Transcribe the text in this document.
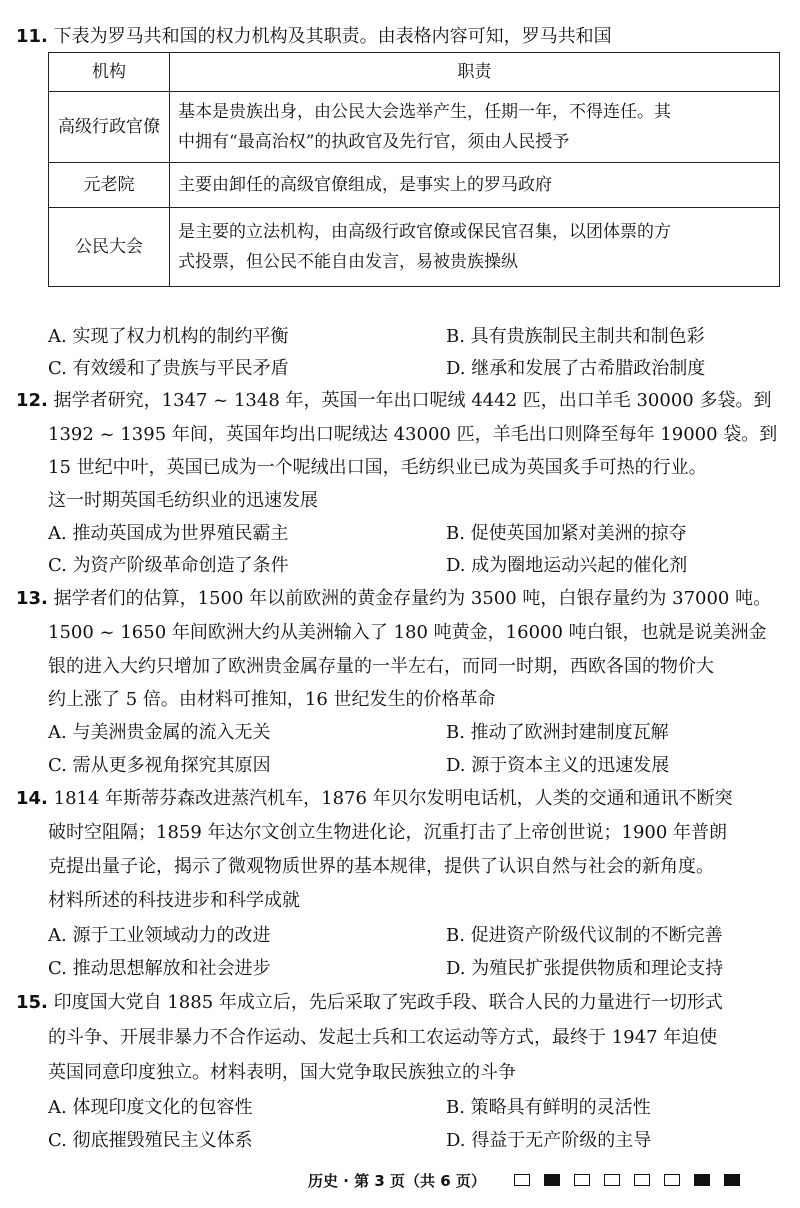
11. 下表为罗马共和国的权力机构及其职责。由表格内容可知，罗马共和国
机构	职责
高级行政官僚	基本是贵族出身，由公民大会选举产生，任期一年，不得连任。其
中拥有“最高治权”的执政官及先行官，须由人民授予

元老院	主要由卸任的高级官僚组成，是事实上的罗马政府

公民大会	是主要的立法机构，由高级行政官僚或保民官召集，以团体票的方
式投票，但公民不能自由发言，易被贵族操纵
A. 实现了权力机构的制约平衡	B. 具有贵族制民主制共和制色彩
C. 有效缓和了贵族与平民矛盾	D. 继承和发展了古希腊政治制度
12. 据学者研究，1347 ~ 1348 年，英国一年出口呢绒 4442 匹，出口羊毛 30000 多袋。到
1392 ~ 1395 年间，英国年均出口呢绒达 43000 匹，羊毛出口则降至每年 19000 袋。到
15 世纪中叶，英国已成为一个呢绒出口国，毛纺织业已成为英国炙手可热的行业。
这一时期英国毛纺织业的迅速发展
A. 推动英国成为世界殖民霸主	B. 促使英国加紧对美洲的掠夺
C. 为资产阶级革命创造了条件	D. 成为圈地运动兴起的催化剂
13. 据学者们的估算，1500 年以前欧洲的黄金存量约为 3500 吨，白银存量约为 37000 吨。
1500 ~ 1650 年间欧洲大约从美洲输入了 180 吨黄金，16000 吨白银，也就是说美洲金
银的进入大约只增加了欧洲贵金属存量的一半左右，而同一时期，西欧各国的物价大
约上涨了 5 倍。由材料可推知，16 世纪发生的价格革命
A. 与美洲贵金属的流入无关	B. 推动了欧洲封建制度瓦解
C. 需从更多视角探究其原因	D. 源于资本主义的迅速发展
14. 1814 年斯蒂芬森改进蒸汽机车，1876 年贝尔发明电话机，人类的交通和通讯不断突
破时空阻隔；1859 年达尔文创立生物进化论，沉重打击了上帝创世说；1900 年普朗
克提出量子论，揭示了微观物质世界的基本规律，提供了认识自然与社会的新角度。
材料所述的科技进步和科学成就
A. 源于工业领域动力的改进	B. 促进资产阶级代议制的不断完善
C. 推动思想解放和社会进步	D. 为殖民扩张提供物质和理论支持
15. 印度国大党自 1885 年成立后，先后采取了宪政手段、联合人民的力量进行一切形式
的斗争、开展非暴力不合作运动、发起士兵和工农运动等方式，最终于 1947 年迫使
英国同意印度独立。材料表明，国大党争取民族独立的斗争
A. 体现印度文化的包容性	B. 策略具有鲜明的灵活性
C. 彻底摧毁殖民主义体系	D. 得益于无产阶级的主导
历史 · 第 3 页（共 6 页）
